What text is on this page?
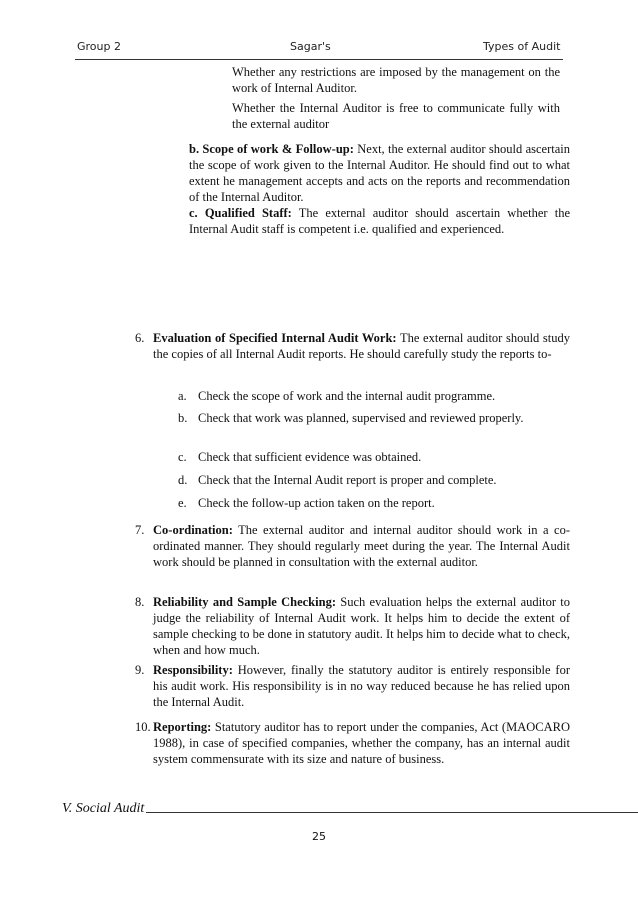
Group 2	Sagar's	Types of Audit
Whether any restrictions are imposed by the management on the work of Internal Auditor.
Whether the Internal Auditor is free to communicate fully with the external auditor
b. Scope of work & Follow-up: Next, the external auditor should ascertain the scope of work given to the Internal Auditor. He should find out to what extent he management accepts and acts on the reports and recommendation of the Internal Auditor.
c. Qualified Staff: The external auditor should ascertain whether the Internal Audit staff is competent i.e. qualified and experienced.
6. Evaluation of Specified Internal Audit Work: The external auditor should study the copies of all Internal Audit reports. He should carefully study the reports to-
a. Check the scope of work and the internal audit programme.
b. Check that work was planned, supervised and reviewed properly.
c. Check that sufficient evidence was obtained.
d. Check that the Internal Audit report is proper and complete.
e. Check the follow-up action taken on the report.
7. Co-ordination: The external auditor and internal auditor should work in a co-ordinated manner. They should regularly meet during the year. The Internal Audit work should be planned in consultation with the external auditor.
8. Reliability and Sample Checking: Such evaluation helps the external auditor to judge the reliability of Internal Audit work. It helps him to decide the extent of sample checking to be done in statutory audit. It helps him to decide what to check, when and how much.
9. Responsibility: However, finally the statutory auditor is entirely responsible for his audit work. His responsibility is in no way reduced because he has relied upon the Internal Audit.
10. Reporting: Statutory auditor has to report under the companies, Act (MAOCARO 1988), in case of specified companies, whether the company, has an internal audit system commensurate with its size and nature of business.
V. Social Audit
25
